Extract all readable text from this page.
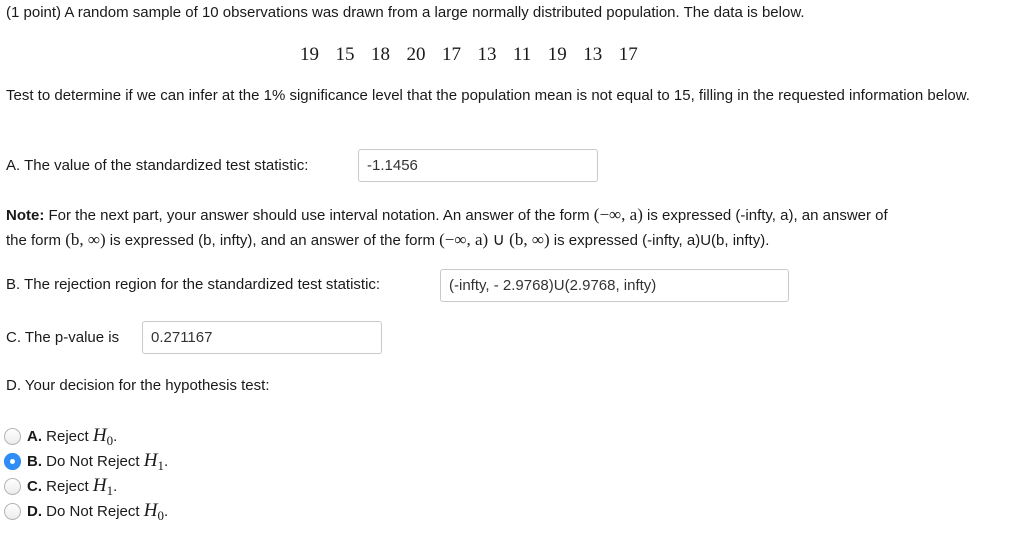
(1 point) A random sample of 10 observations was drawn from a large normally distributed population. The data is below.
19 15 18 20 17 13 11 19 13 17
Test to determine if we can infer at the 1% significance level that the population mean is not equal to 15, filling in the requested information below.
A. The value of the standardized test statistic:	-1.1456
Note: For the next part, your answer should use interval notation. An answer of the form (−∞, a) is expressed (-infty, a), an answer of
the form (b, ∞) is expressed (b, infty), and an answer of the form (−∞, a) ∪ (b, ∞) is expressed (-infty, a)U(b, infty).
B. The rejection region for the standardized test statistic:	(-infty, - 2.9768)U(2.9768, infty)
C. The p-value is	0.271167
D. Your decision for the hypothesis test:
A. Reject H0.
B. Do Not Reject H1.
C. Reject H1.
D. Do Not Reject H0.
